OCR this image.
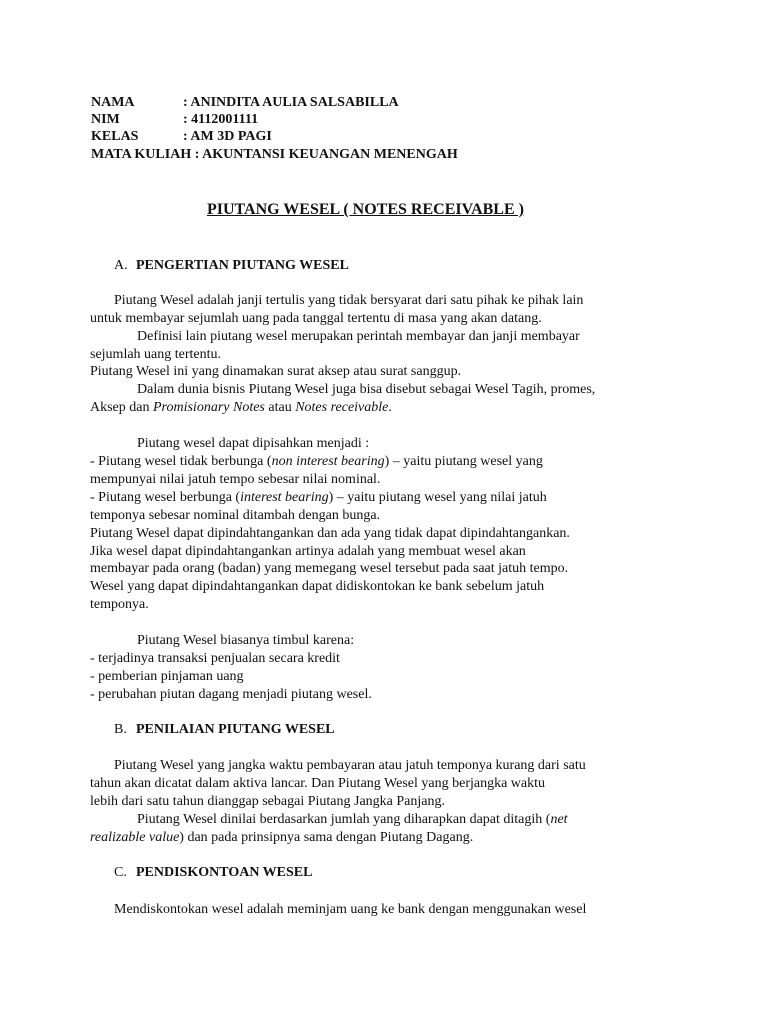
NAMA	: ANINDITA AULIA SALSABILLA
NIM	: 4112001111
KELAS	: AM 3D PAGI
MATA KULIAH : AKUNTANSI KEUANGAN MENENGAH
PIUTANG WESEL ( NOTES RECEIVABLE )
A. PENGERTIAN PIUTANG WESEL
Piutang Wesel adalah janji tertulis yang tidak bersyarat dari satu pihak ke pihak lain
untuk membayar sejumlah uang pada tanggal tertentu di masa yang akan datang.
Definisi lain piutang wesel merupakan perintah membayar dan janji membayar
sejumlah uang tertentu.
Piutang Wesel ini yang dinamakan surat aksep atau surat sanggup.
Dalam dunia bisnis Piutang Wesel juga bisa disebut sebagai Wesel Tagih, promes,
Aksep dan Promisionary Notes atau Notes receivable.
Piutang wesel dapat dipisahkan menjadi :
- Piutang wesel tidak berbunga (non interest bearing) – yaitu piutang wesel yang
mempunyai nilai jatuh tempo sebesar nilai nominal.
- Piutang wesel berbunga (interest bearing) – yaitu piutang wesel yang nilai jatuh
temponya sebesar nominal ditambah dengan bunga.
Piutang Wesel dapat dipindahtangankan dan ada yang tidak dapat dipindahtangankan.
Jika wesel dapat dipindahtangankan artinya adalah yang membuat wesel akan
membayar pada orang (badan) yang memegang wesel tersebut pada saat jatuh tempo.
Wesel yang dapat dipindahtangankan dapat didiskontokan ke bank sebelum jatuh
temponya.
Piutang Wesel biasanya timbul karena:
- terjadinya transaksi penjualan secara kredit
- pemberian pinjaman uang
- perubahan piutan dagang menjadi piutang wesel.
B. PENILAIAN PIUTANG WESEL
Piutang Wesel yang jangka waktu pembayaran atau jatuh temponya kurang dari satu
tahun akan dicatat dalam aktiva lancar. Dan Piutang Wesel yang berjangka waktu
lebih dari satu tahun dianggap sebagai Piutang Jangka Panjang.
Piutang Wesel dinilai berdasarkan jumlah yang diharapkan dapat ditagih (net
realizable value) dan pada prinsipnya sama dengan Piutang Dagang.
C. PENDISKONTOAN WESEL
Mendiskontokan wesel adalah meminjam uang ke bank dengan menggunakan wesel
